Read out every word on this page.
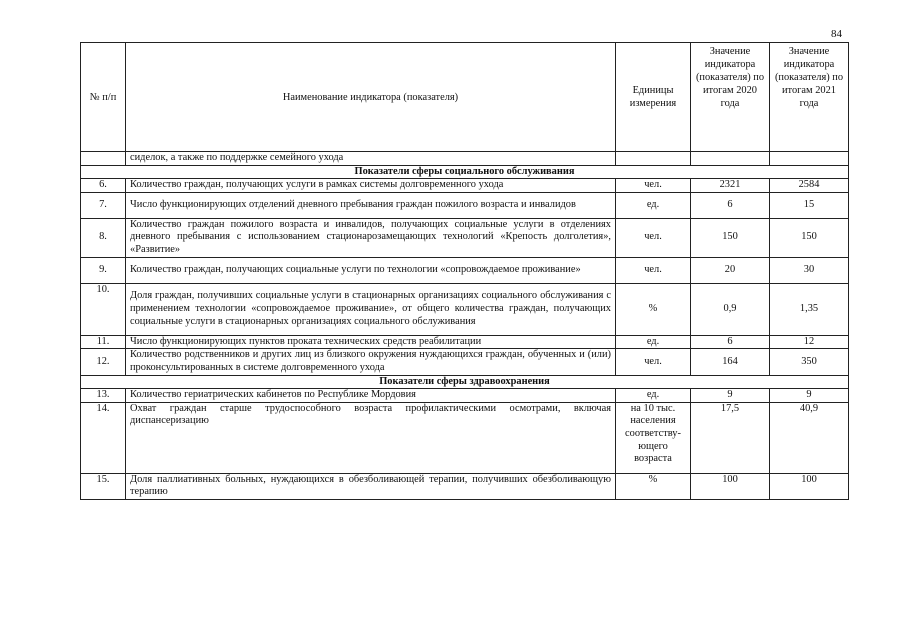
84
№ п/п	Наименование индикатора (показателя)	Единицы измерения	Значение индикатора (показателя) по итогам 2020 года	Значение индикатора (показателя) по итогам 2021 года
	сиделок, а также по поддержке семейного ухода			
Показатели сферы социального обслуживания				
6.	Количество граждан, получающих услуги в рамках системы долговременного ухода	чел.	2321	2584
7.	Число функционирующих отделений дневного пребывания граждан пожилого возраста и инвалидов	ед.	6	15
8.	Количество граждан пожилого возраста и инвалидов, получающих социальные услуги в отделениях дневного пребывания с использованием стационарозамещающих технологий «Крепость долголетия», «Развитие»	чел.	150	150
9.	Количество граждан, получающих социальные услуги по технологии «сопровождаемое проживание»	чел.	20	30
10.	Доля граждан, получивших социальные услуги в стационарных организациях социального обслуживания с применением технологии «сопровождаемое проживание», от общего количества граждан, получающих социальные услуги в стационарных организациях социального обслуживания	%	0,9	1,35
11.	Число функционирующих пунктов проката технических средств реабилитации	ед.	6	12
12.	Количество родственников и других лиц из близкого окружения нуждающихся граждан, обученных и (или) проконсультированных в системе долговременного ухода	чел.	164	350
Показатели сферы здравоохранения				
13.	Количество гериатрических кабинетов по Республике Мордовия	ед.	9	9
14.	Охват граждан старше трудоспособного возраста профилактическими осмотрами, включая диспансеризацию	на 10 тыс. населения соответству-ющего возраста	17,5	40,9
15.	Доля паллиативных больных, нуждающихся в обезболивающей терапии, получивших обезболивающую терапию	%	100	100
